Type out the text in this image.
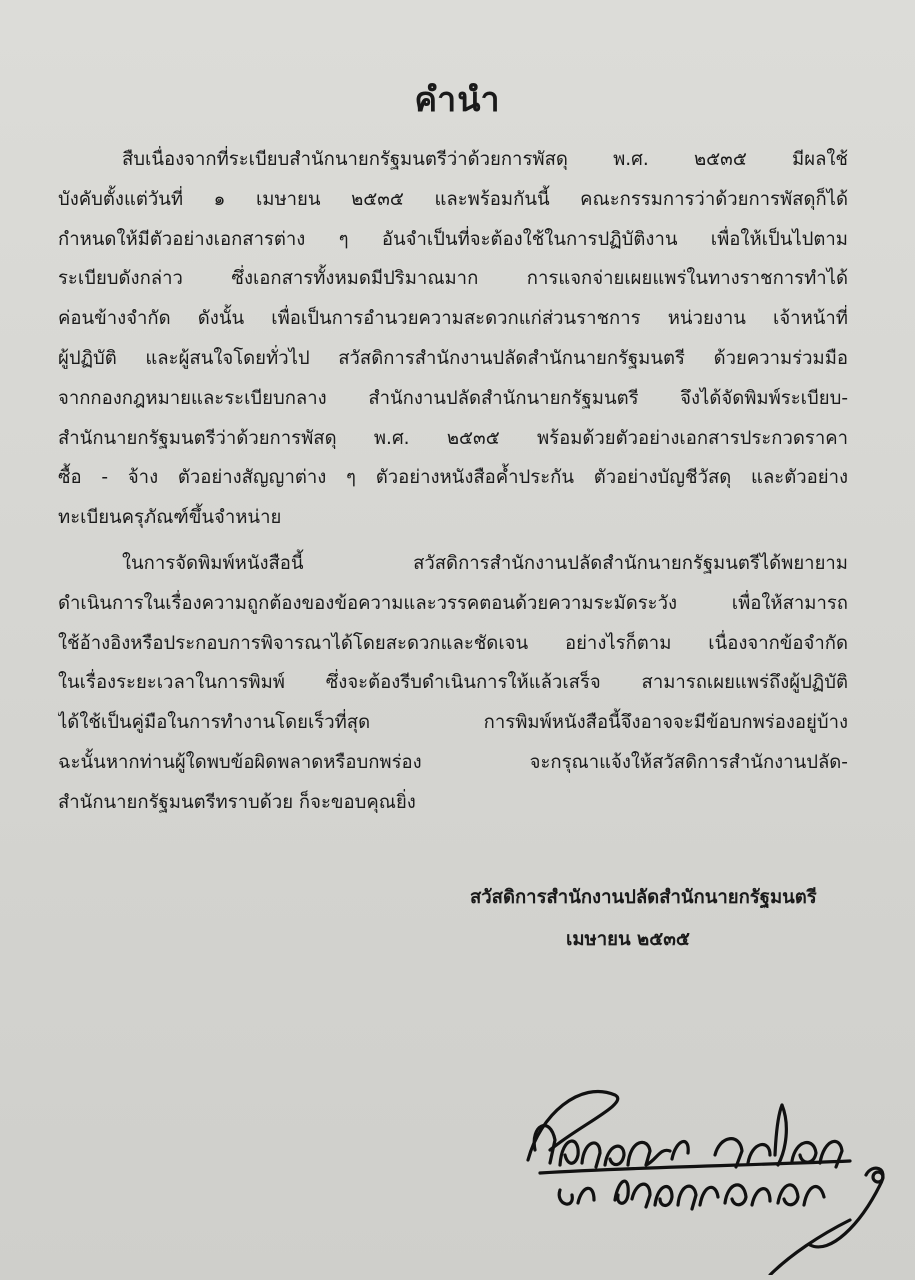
คำนำ
สืบเนื่องจากที่ระเบียบสำนักนายกรัฐมนตรีว่าด้วยการพัสดุ พ.ศ. ๒๕๓๕ มีผลใช้
บังคับตั้งแต่วันที่ ๑ เมษายน ๒๕๓๕ และพร้อมกันนี้ คณะกรรมการว่าด้วยการพัสดุก็ได้
กำหนดให้มีตัวอย่างเอกสารต่าง ๆ อันจำเป็นที่จะต้องใช้ในการปฏิบัติงาน เพื่อให้เป็นไปตาม
ระเบียบดังกล่าว ซึ่งเอกสารทั้งหมดมีปริมาณมาก การแจกจ่ายเผยแพร่ในทางราชการทำได้
ค่อนข้างจำกัด ดังนั้น เพื่อเป็นการอำนวยความสะดวกแก่ส่วนราชการ หน่วยงาน เจ้าหน้าที่
ผู้ปฏิบัติ และผู้สนใจโดยทั่วไป สวัสดิการสำนักงานปลัดสำนักนายกรัฐมนตรี ด้วยความร่วมมือ
จากกองกฎหมายและระเบียบกลาง สำนักงานปลัดสำนักนายกรัฐมนตรี จึงได้จัดพิมพ์ระเบียบ-
สำนักนายกรัฐมนตรีว่าด้วยการพัสดุ พ.ศ. ๒๕๓๕ พร้อมด้วยตัวอย่างเอกสารประกวดราคา
ซื้อ - จ้าง ตัวอย่างสัญญาต่าง ๆ ตัวอย่างหนังสือค้ำประกัน ตัวอย่างบัญชีวัสดุ และตัวอย่าง
ทะเบียนครุภัณฑ์ขึ้นจำหน่าย
ในการจัดพิมพ์หนังสือนี้ สวัสดิการสำนักงานปลัดสำนักนายกรัฐมนตรีได้พยายาม
ดำเนินการในเรื่องความถูกต้องของข้อความและวรรคตอนด้วยความระมัดระวัง เพื่อให้สามารถ
ใช้อ้างอิงหรือประกอบการพิจารณาได้โดยสะดวกและชัดเจน อย่างไรก็ตาม เนื่องจากข้อจำกัด
ในเรื่องระยะเวลาในการพิมพ์ ซึ่งจะต้องรีบดำเนินการให้แล้วเสร็จ สามารถเผยแพร่ถึงผู้ปฏิบัติ
ได้ใช้เป็นคู่มือในการทำงานโดยเร็วที่สุด การพิมพ์หนังสือนี้จึงอาจจะมีข้อบกพร่องอยู่บ้าง
ฉะนั้นหากท่านผู้ใดพบข้อผิดพลาดหรือบกพร่อง จะกรุณาแจ้งให้สวัสดิการสำนักงานปลัด-
สำนักนายกรัฐมนตรีทราบด้วย ก็จะขอบคุณยิ่ง
สวัสดิการสำนักงานปลัดสำนักนายกรัฐมนตรี
เมษายน ๒๕๓๕
